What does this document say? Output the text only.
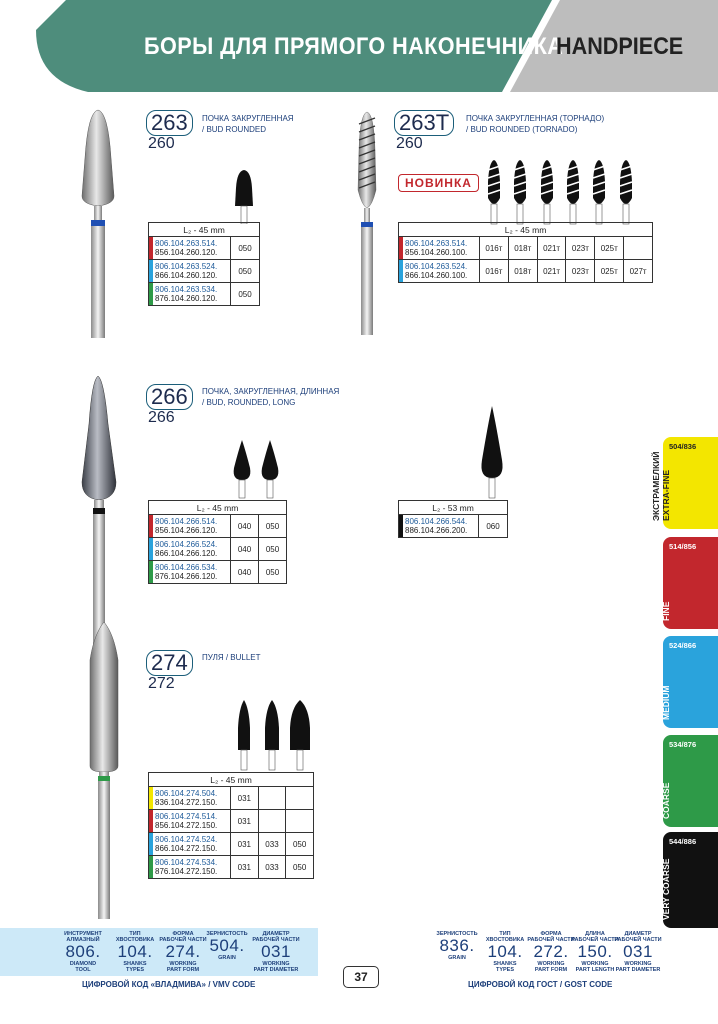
БОРЫ ДЛЯ ПРЯМОГО НАКОНЕЧНИКА
HANDPIECE
263
260
ПОЧКА ЗАКРУГЛЕННАЯ
/ BUD ROUNDED
L₂ - 45 mm	

806.104.263.514.
856.104.260.120.	050

806.104.263.524.
866.104.260.120.	050

806.104.263.534.
876.104.260.120.	050
263T
260
ПОЧКА ЗАКРУГЛЕННАЯ (ТОРНАДО)
/ BUD ROUNDED (TORNADO)
НОВИНКА
L₂ - 45 mm						

806.104.263.514.
856.104.260.100.	016т	018т	021т	023т	025т	

806.104.263.524.
866.104.260.100.	016т	018т	021т	023т	025т	027т
266
266
ПОЧКА, ЗАКРУГЛЕННАЯ, ДЛИННАЯ
/ BUD, ROUNDED, LONG
L₂ - 45 mm		

806.104.266.514.
856.104.266.120.	040	050

806.104.266.524.
866.104.266.120.	040	050

806.104.266.534.
876.104.266.120.	040	050
L₂ - 53 mm

806.104.266.544.
886.104.266.200.	060
274
272
ПУЛЯ / BULLET
L₂ - 45 mm			

806.104.274.504.
836.104.272.150.	031		

806.104.274.514.
856.104.272.150.	031		

806.104.274.524.
866.104.272.150.	031	033	050

806.104.274.534.
876.104.272.150.	031	033	050
504/836
ЭКСТРАМЕЛКИЙ EXTRA-FINE
514/856
МЕЛКИЙ FINE
524/866
СРЕДНИЙ MEDIUM
534/876
ГРУБЫЙ COARSE
544/886
ОЧЕНЬ ГРУБЫЙ VERY COARSE
ИНСТРУМЕНТ
АЛМАЗНЫЙ
806.
DIAMOND
TOOL
ТИП
ХВОСТОВИКА
104.
SHANKS
TYPES
ФОРМА
РАБОЧЕЙ ЧАСТИ
274.
WORKING
PART FORM
ЗЕРНИСТОСТЬ
504.
GRAIN
ДИАМЕТР
РАБОЧЕЙ ЧАСТИ
031
WORKING
PART DIAMETER
ЦИФРОВОЙ КОД «ВЛАДМИВА» / VMV CODE
37
ЗЕРНИСТОСТЬ
836.
GRAIN
ТИП
ХВОСТОВИКА
104.
SHANKS
TYPES
ФОРМА
РАБОЧЕЙ ЧАСТИ
272.
WORKING
PART FORM
ДЛИНА
РАБОЧЕЙ ЧАСТИ
150.
WORKING
PART LENGTH
ДИАМЕТР
РАБОЧЕЙ ЧАСТИ
031
WORKING
PART DIAMETER
ЦИФРОВОЙ КОД ГОСТ / GOST CODE
